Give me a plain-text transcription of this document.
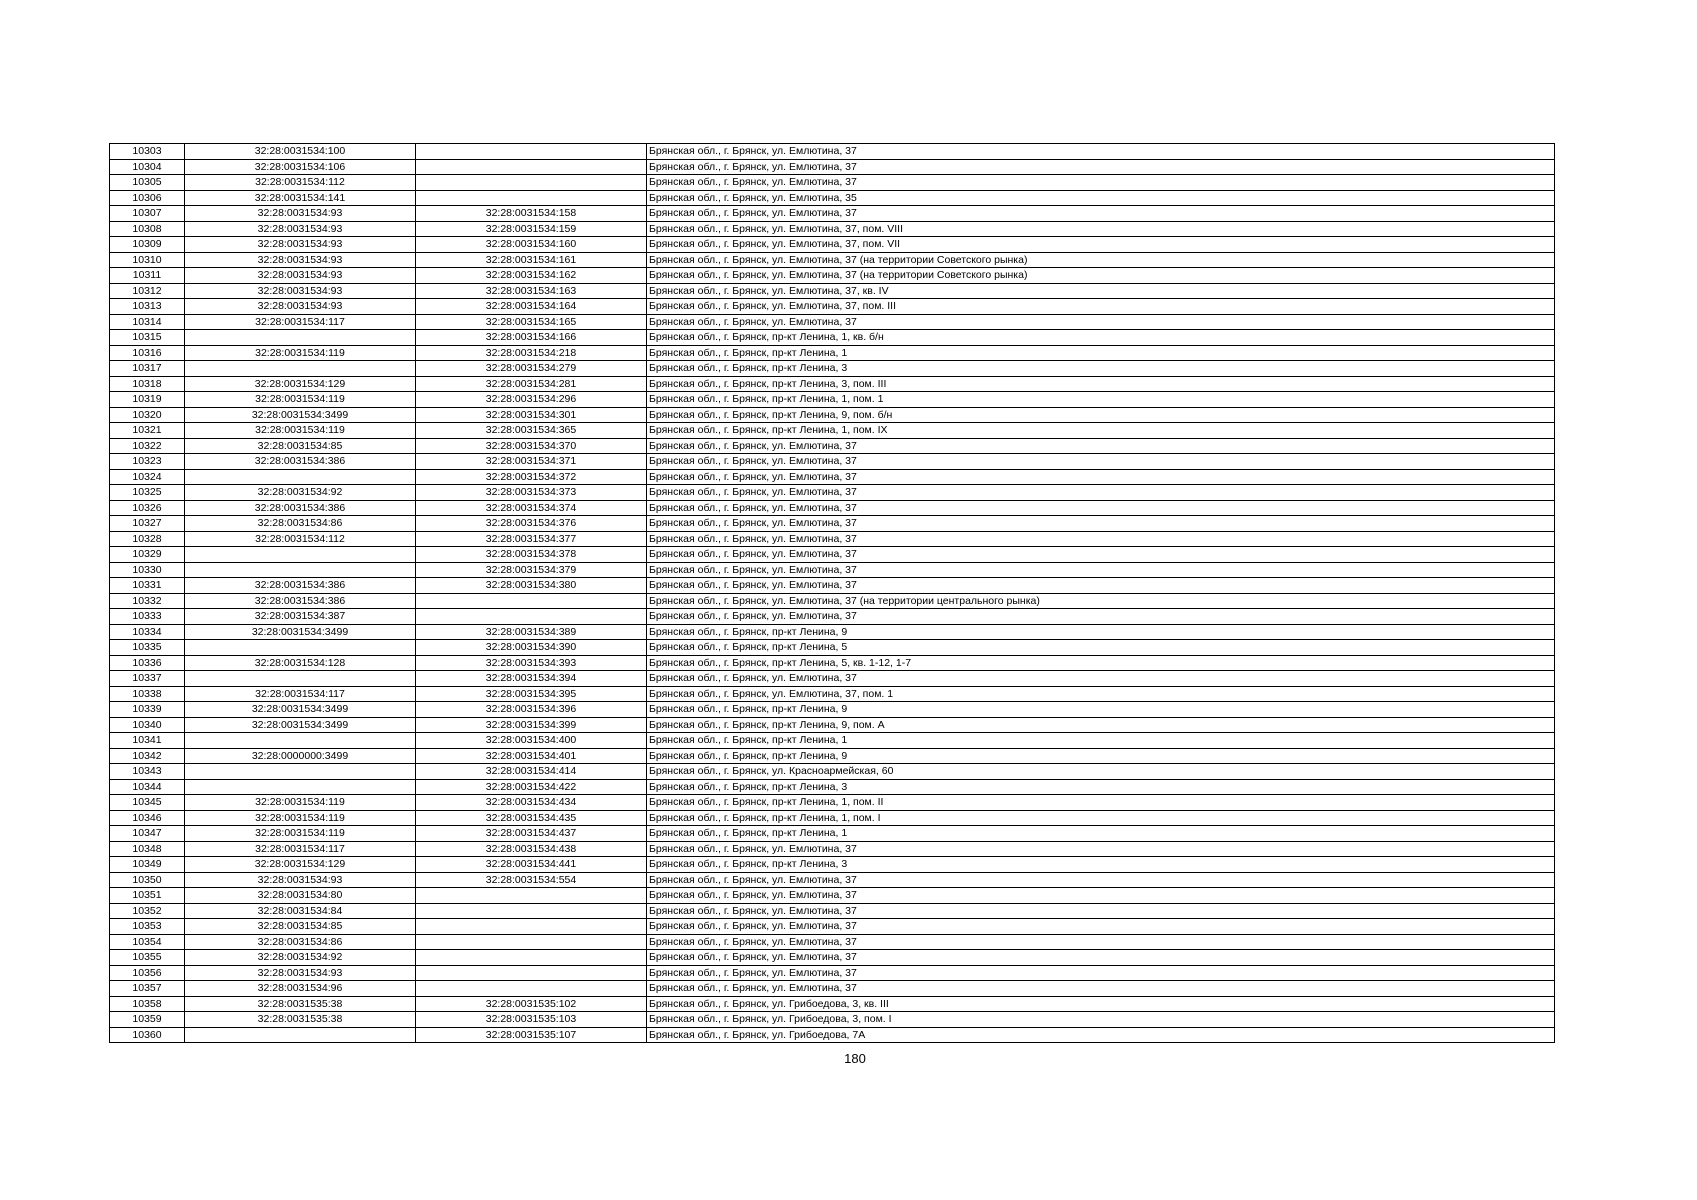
10303	32:28:0031534:100		Брянская обл., г. Брянск, ул. Емлютина, 37
10304	32:28:0031534:106		Брянская обл., г. Брянск, ул. Емлютина, 37
10305	32:28:0031534:112		Брянская обл., г. Брянск, ул. Емлютина, 37
10306	32:28:0031534:141		Брянская обл., г. Брянск, ул. Емлютина, 35
10307	32:28:0031534:93	32:28:0031534:158	Брянская обл., г. Брянск, ул. Емлютина, 37
10308	32:28:0031534:93	32:28:0031534:159	Брянская обл., г. Брянск, ул. Емлютина, 37, пом. VIII
10309	32:28:0031534:93	32:28:0031534:160	Брянская обл., г. Брянск, ул. Емлютина, 37, пом. VII
10310	32:28:0031534:93	32:28:0031534:161	Брянская обл., г. Брянск, ул. Емлютина, 37 (на территории Советского рынка)
10311	32:28:0031534:93	32:28:0031534:162	Брянская обл., г. Брянск, ул. Емлютина, 37 (на территории Советского рынка)
10312	32:28:0031534:93	32:28:0031534:163	Брянская обл., г. Брянск, ул. Емлютина, 37, кв. IV
10313	32:28:0031534:93	32:28:0031534:164	Брянская обл., г. Брянск, ул. Емлютина, 37, пом. III
10314	32:28:0031534:117	32:28:0031534:165	Брянская обл., г. Брянск, ул. Емлютина, 37
10315		32:28:0031534:166	Брянская обл., г. Брянск, пр-кт Ленина, 1, кв. б/н
10316	32:28:0031534:119	32:28:0031534:218	Брянская обл., г. Брянск, пр-кт Ленина, 1
10317		32:28:0031534:279	Брянская обл., г. Брянск, пр-кт Ленина, 3
10318	32:28:0031534:129	32:28:0031534:281	Брянская обл., г. Брянск, пр-кт Ленина, 3, пом. III
10319	32:28:0031534:119	32:28:0031534:296	Брянская обл., г. Брянск, пр-кт Ленина, 1, пом. 1
10320	32:28:0031534:3499	32:28:0031534:301	Брянская обл., г. Брянск, пр-кт Ленина, 9, пом. б/н
10321	32:28:0031534:119	32:28:0031534:365	Брянская обл., г. Брянск, пр-кт Ленина, 1, пом. IX
10322	32:28:0031534:85	32:28:0031534:370	Брянская обл., г. Брянск, ул. Емлютина, 37
10323	32:28:0031534:386	32:28:0031534:371	Брянская обл., г. Брянск, ул. Емлютина, 37
10324		32:28:0031534:372	Брянская обл., г. Брянск, ул. Емлютина, 37
10325	32:28:0031534:92	32:28:0031534:373	Брянская обл., г. Брянск, ул. Емлютина, 37
10326	32:28:0031534:386	32:28:0031534:374	Брянская обл., г. Брянск, ул. Емлютина, 37
10327	32:28:0031534:86	32:28:0031534:376	Брянская обл., г. Брянск, ул. Емлютина, 37
10328	32:28:0031534:112	32:28:0031534:377	Брянская обл., г. Брянск, ул. Емлютина, 37
10329		32:28:0031534:378	Брянская обл., г. Брянск, ул. Емлютина, 37
10330		32:28:0031534:379	Брянская обл., г. Брянск, ул. Емлютина, 37
10331	32:28:0031534:386	32:28:0031534:380	Брянская обл., г. Брянск, ул. Емлютина, 37
10332	32:28:0031534:386		Брянская обл., г. Брянск, ул. Емлютина, 37 (на территории центрального рынка)
10333	32:28:0031534:387		Брянская обл., г. Брянск, ул. Емлютина, 37
10334	32:28:0031534:3499	32:28:0031534:389	Брянская обл., г. Брянск, пр-кт Ленина, 9
10335		32:28:0031534:390	Брянская обл., г. Брянск, пр-кт Ленина, 5
10336	32:28:0031534:128	32:28:0031534:393	Брянская обл., г. Брянск, пр-кт Ленина, 5, кв. 1-12, 1-7
10337		32:28:0031534:394	Брянская обл., г. Брянск, ул. Емлютина, 37
10338	32:28:0031534:117	32:28:0031534:395	Брянская обл., г. Брянск, ул. Емлютина, 37, пом. 1
10339	32:28:0031534:3499	32:28:0031534:396	Брянская обл., г. Брянск, пр-кт Ленина, 9
10340	32:28:0031534:3499	32:28:0031534:399	Брянская обл., г. Брянск, пр-кт Ленина, 9, пом. А
10341		32:28:0031534:400	Брянская обл., г. Брянск, пр-кт Ленина, 1
10342	32:28:0000000:3499	32:28:0031534:401	Брянская обл., г. Брянск, пр-кт Ленина, 9
10343		32:28:0031534:414	Брянская обл., г. Брянск, ул. Красноармейская, 60
10344		32:28:0031534:422	Брянская обл., г. Брянск, пр-кт Ленина, 3
10345	32:28:0031534:119	32:28:0031534:434	Брянская обл., г. Брянск, пр-кт Ленина, 1, пом. II
10346	32:28:0031534:119	32:28:0031534:435	Брянская обл., г. Брянск, пр-кт Ленина, 1, пом. I
10347	32:28:0031534:119	32:28:0031534:437	Брянская обл., г. Брянск, пр-кт Ленина, 1
10348	32:28:0031534:117	32:28:0031534:438	Брянская обл., г. Брянск, ул. Емлютина, 37
10349	32:28:0031534:129	32:28:0031534:441	Брянская обл., г. Брянск, пр-кт Ленина, 3
10350	32:28:0031534:93	32:28:0031534:554	Брянская обл., г. Брянск, ул. Емлютина, 37
10351	32:28:0031534:80		Брянская обл., г. Брянск, ул. Емлютина, 37
10352	32:28:0031534:84		Брянская обл., г. Брянск, ул. Емлютина, 37
10353	32:28:0031534:85		Брянская обл., г. Брянск, ул. Емлютина, 37
10354	32:28:0031534:86		Брянская обл., г. Брянск, ул. Емлютина, 37
10355	32:28:0031534:92		Брянская обл., г. Брянск, ул. Емлютина, 37
10356	32:28:0031534:93		Брянская обл., г. Брянск, ул. Емлютина, 37
10357	32:28:0031534:96		Брянская обл., г. Брянск, ул. Емлютина, 37
10358	32:28:0031535:38	32:28:0031535:102	Брянская обл., г. Брянск, ул. Грибоедова, 3, кв. III
10359	32:28:0031535:38	32:28:0031535:103	Брянская обл., г. Брянск, ул. Грибоедова, 3, пом. I
10360		32:28:0031535:107	Брянская обл., г. Брянск, ул. Грибоедова, 7А
180
